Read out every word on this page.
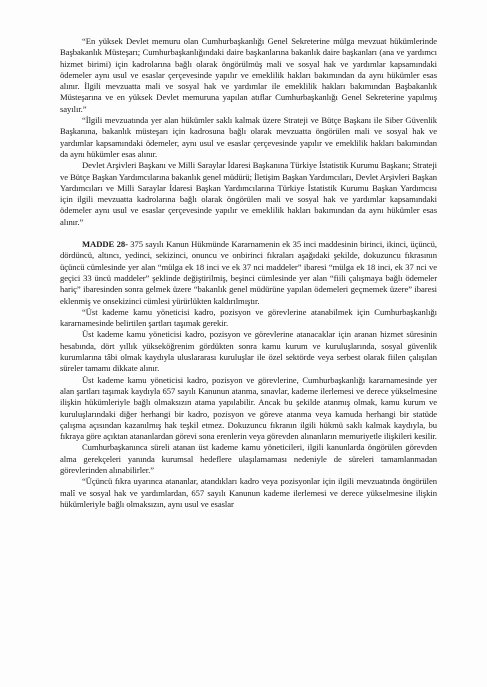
“En yüksek Devlet memuru olan Cumhurbaşkanlığı Genel Sekreterine mülga mevzuat hükümlerinde Başbakanlık Müsteşarı; Cumhurbaşkanlığındaki daire başkanlarına bakanlık daire başkanları (ana ve yardımcı hizmet birimi) için kadrolarına bağlı olarak öngörülmüş mali ve sosyal hak ve yardımlar kapsamındaki ödemeler aynı usul ve esaslar çerçevesinde yapılır ve emeklilik hakları bakımından da aynı hükümler esas alınır. İlgili mevzuatta mali ve sosyal hak ve yardımlar ile emeklilik hakları bakımından Başbakanlık Müsteşarına ve en yüksek Devlet memuruna yapılan atıflar Cumhurbaşkanlığı Genel Sekreterine yapılmış sayılır.”

“İlgili mevzuatında yer alan hükümler saklı kalmak üzere Strateji ve Bütçe Başkanı ile Siber Güvenlik Başkanına, bakanlık müsteşarı için kadrosuna bağlı olarak mevzuatta öngörülen mali ve sosyal hak ve yardımlar kapsamındaki ödemeler, aynı usul ve esaslar çerçevesinde yapılır ve emeklilik hakları bakımından da aynı hükümler esas alınır.

Devlet Arşivleri Başkanı ve Milli Saraylar İdaresi Başkanına Türkiye İstatistik Kurumu Başkanı; Strateji ve Bütçe Başkan Yardımcılarına bakanlık genel müdürü; İletişim Başkan Yardımcıları, Devlet Arşivleri Başkan Yardımcıları ve Milli Saraylar İdaresi Başkan Yardımcılarına Türkiye İstatistik Kurumu Başkan Yardımcısı için ilgili mevzuatta kadrolarına bağlı olarak öngörülen mali ve sosyal hak ve yardımlar kapsamındaki ödemeler aynı usul ve esaslar çerçevesinde yapılır ve emeklilik hakları bakımından da aynı hükümler esas alınır.”

MADDE 28- 375 sayılı Kanun Hükmünde Kararnamenin ek 35 inci maddesinin birinci, ikinci, üçüncü, dördüncü, altıncı, yedinci, sekizinci, onuncu ve onbirinci fıkraları aşağıdaki şekilde, dokuzuncu fıkrasının üçüncü cümlesinde yer alan “mülga ek 18 inci ve ek 37 nci maddeler” ibaresi “mülga ek 18 inci, ek 37 nci ve geçici 33 üncü maddeler” şeklinde değiştirilmiş, beşinci cümlesinde yer alan “fiili çalışmaya bağlı ödemeler hariç” ibaresinden sonra gelmek üzere “bakanlık genel müdürüne yapılan ödemeleri geçmemek üzere” ibaresi eklenmiş ve onsekizinci cümlesi yürürlükten kaldırılmıştır.

“Üst kademe kamu yöneticisi kadro, pozisyon ve görevlerine atanabilmek için Cumhurbaşkanlığı kararnamesinde belirtilen şartları taşımak gerekir.

Üst kademe kamu yöneticisi kadro, pozisyon ve görevlerine atanacaklar için aranan hizmet süresinin hesabında, dört yıllık yükseköğrenim gördükten sonra kamu kurum ve kuruluşlarında, sosyal güvenlik kurumlarına tâbi olmak kaydıyla uluslararası kuruluşlar ile özel sektörde veya serbest olarak fiilen çalışılan süreler tamamı dikkate alınır.

Üst kademe kamu yöneticisi kadro, pozisyon ve görevlerine, Cumhurbaşkanlığı kararnamesinde yer alan şartları taşımak kaydıyla 657 sayılı Kanunun atanma, sınavlar, kademe ilerlemesi ve derece yükselmesine ilişkin hükümleriyle bağlı olmaksızın atama yapılabilir. Ancak bu şekilde atanmış olmak, kamu kurum ve kuruluşlarındaki diğer herhangi bir kadro, pozisyon ve göreve atanma veya kamuda herhangi bir statüde çalışma açısından kazanılmış hak teşkil etmez. Dokuzuncu fıkranın ilgili hükmü saklı kalmak kaydıyla, bu fıkraya göre açıktan atananlardan görevi sona erenlerin veya görevden alınanların memuriyetle ilişkileri kesilir.

Cumhurbaşkanınca süreli atanan üst kademe kamu yöneticileri, ilgili kanunlarda öngörülen görevden alma gerekçeleri yanında kurumsal hedeflere ulaşılamaması nedeniyle de süreleri tamamlanmadan görevlerinden alınabilirler.”

“Üçüncü fıkra uyarınca atananlar, atandıkları kadro veya pozisyonlar için ilgili mevzuatında öngörülen malî ve sosyal hak ve yardımlardan, 657 sayılı Kanunun kademe ilerlemesi ve derece yükselmesine ilişkin hükümleriyle bağlı olmaksızın, aynı usul ve esaslar
